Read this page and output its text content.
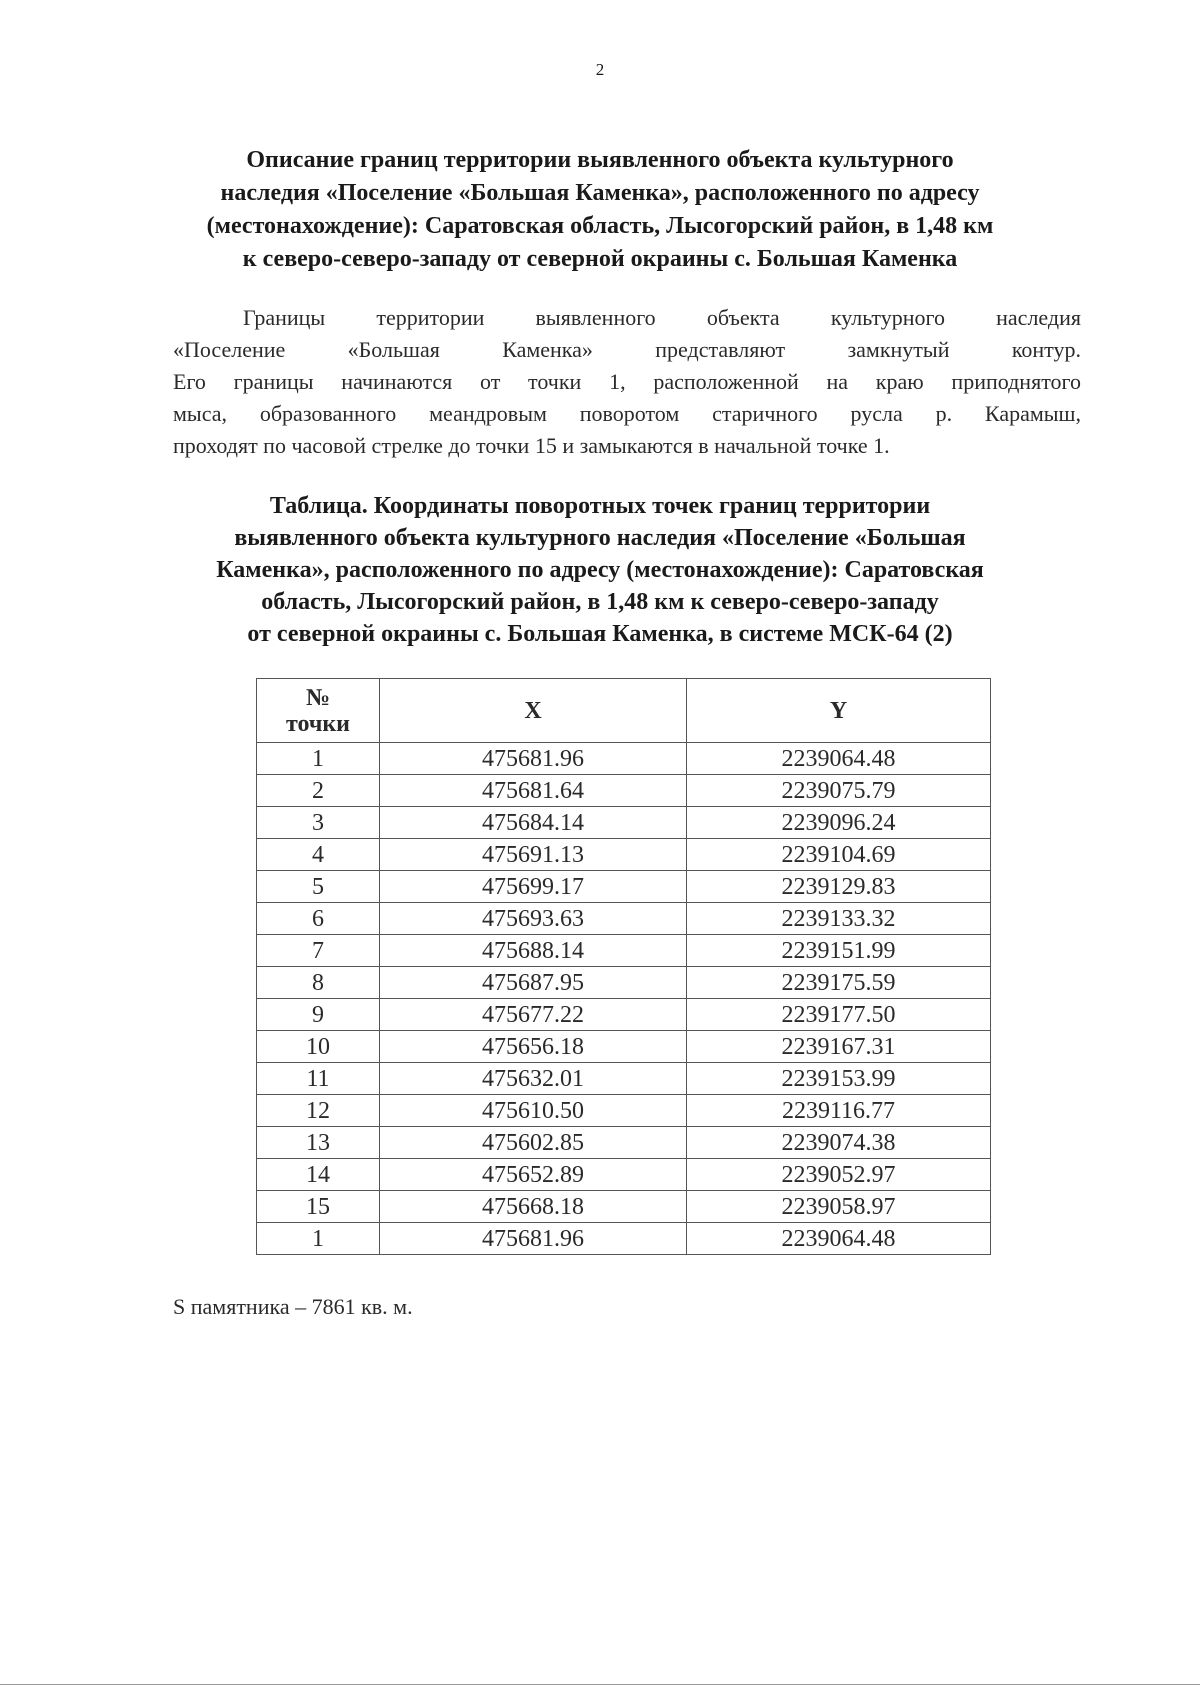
2
Описание границ территории выявленного объекта культурного
наследия «Поселение «Большая Каменка», расположенного по адресу
(местонахождение): Саратовская область, Лысогорский район, в 1,48 км
к северо-северо-западу от северной окраины с. Большая Каменка
Границы территории выявленного объекта культурного наследия
«Поселение «Большая Каменка» представляют замкнутый контур.
Его границы начинаются от точки 1, расположенной на краю приподнятого
мыса, образованного меандровым поворотом старичного русла р. Карамыш,
проходят по часовой стрелке до точки 15 и замыкаются в начальной точке 1.
Таблица. Координаты поворотных точек границ территории
выявленного объекта культурного наследия «Поселение «Большая
Каменка», расположенного по адресу (местонахождение): Саратовская
область, Лысогорский район, в 1,48 км к северо-северо-западу
от северной окраины с. Большая Каменка, в системе МСК-64 (2)
№
точки	X	Y
1	475681.96	2239064.48
2	475681.64	2239075.79
3	475684.14	2239096.24
4	475691.13	2239104.69
5	475699.17	2239129.83
6	475693.63	2239133.32
7	475688.14	2239151.99
8	475687.95	2239175.59
9	475677.22	2239177.50
10	475656.18	2239167.31
11	475632.01	2239153.99
12	475610.50	2239116.77
13	475602.85	2239074.38
14	475652.89	2239052.97
15	475668.18	2239058.97
1	475681.96	2239064.48
S памятника – 7861 кв. м.
